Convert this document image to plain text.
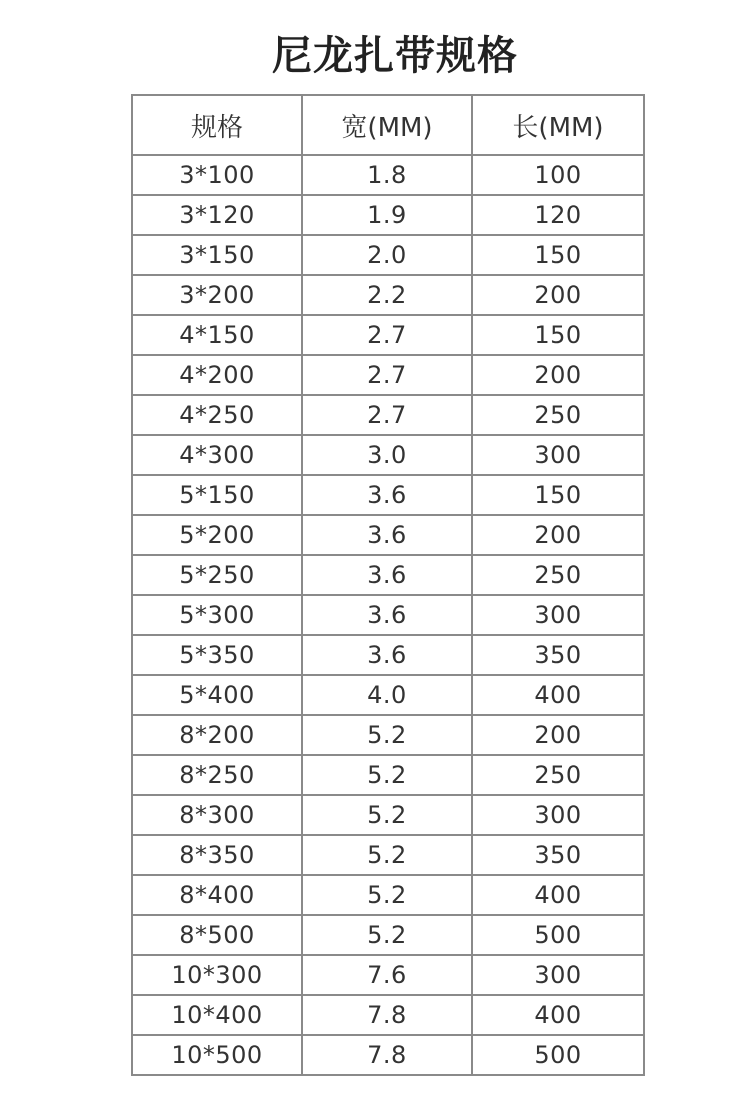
尼龙扎带规格
规格	宽(MM)	长(MM)
3*100	1.8	100
3*120	1.9	120
3*150	2.0	150
3*200	2.2	200
4*150	2.7	150
4*200	2.7	200
4*250	2.7	250
4*300	3.0	300
5*150	3.6	150
5*200	3.6	200
5*250	3.6	250
5*300	3.6	300
5*350	3.6	350
5*400	4.0	400
8*200	5.2	200
8*250	5.2	250
8*300	5.2	300
8*350	5.2	350
8*400	5.2	400
8*500	5.2	500
10*300	7.6	300
10*400	7.8	400
10*500	7.8	500
